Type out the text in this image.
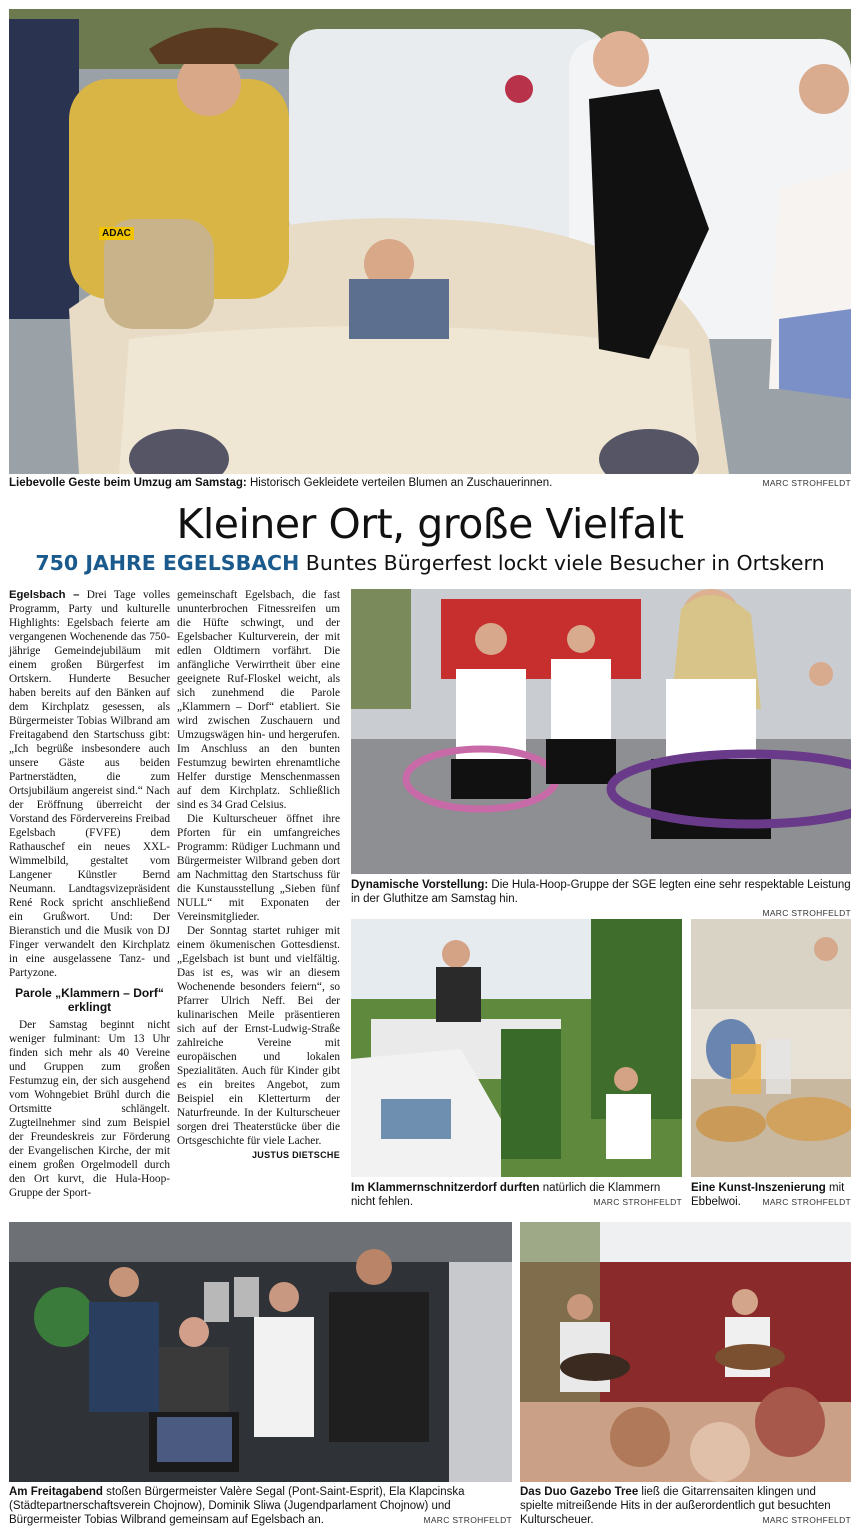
ADAC
Liebevolle Geste beim Umzug am Samstag: Historisch Gekleidete verteilen Blumen an Zuschauerinnen.	MARC STROHFELDT
Kleiner Ort, große Vielfalt
750 JAHRE EGELSBACH Buntes Bürgerfest lockt viele Besucher in Ortskern

Egelsbach – Drei Tage volles Programm, Party und kulturelle Highlights: Egelsbach feierte am vergangenen Wochenende das 750-jährige Gemeindejubiläum mit einem großen Bürgerfest im Ortskern. Hunderte Besucher haben bereits auf den Bänken auf dem Kirchplatz gesessen, als Bürgermeister Tobias Wilbrand am Freitagabend den Startschuss gibt: „Ich begrüße insbesondere auch unsere Gäste aus beiden Partnerstädten, die zum Ortsjubiläum angereist sind.“ Nach der Eröffnung überreicht der Vorstand des Fördervereins Freibad Egelsbach (FVFE) dem Rathauschef ein neues XXL-Wimmelbild, gestaltet vom Langener Künstler Bernd Neumann. Landtagsvizepräsident René Rock spricht anschließend ein Grußwort. Und: Der Bieranstich und die Musik von DJ Finger verwandelt den Kirchplatz in eine ausgelassene Tanz- und Partyzone.

Parole „Klammern – Dorf“ erklingt

Der Samstag beginnt nicht weniger fulminant: Um 13 Uhr finden sich mehr als 40 Vereine und Gruppen zum großen Festumzug ein, der sich ausgehend vom Wohngebiet Brühl durch die Ortsmitte schlängelt. Zugteilnehmer sind zum Beispiel der Freundeskreis zur Förderung der Evangelischen Kirche, der mit einem großen Orgelmodell durch den Ort kurvt, die Hula-Hoop-Gruppe der Sport-

gemeinschaft Egelsbach, die fast ununterbrochen Fitnessreifen um die Hüfte schwingt, und der Egelsbacher Kulturverein, der mit edlen Oldtimern vorfährt. Die anfängliche Verwirrtheit über eine geeignete Ruf-Floskel weicht, als sich zunehmend die Parole „Klammern – Dorf“ etabliert. Sie wird zwischen Zuschauern und Umzugswägen hin- und hergerufen. Im Anschluss an den bunten Festumzug bewirten ehrenamtliche Helfer durstige Menschenmassen auf dem Kirchplatz. Schließlich sind es 34 Grad Celsius.

Die Kulturscheuer öffnet ihre Pforten für ein umfangreiches Programm: Rüdiger Luchmann und Bürgermeister Wilbrand geben dort am Nachmittag den Startschuss für die Kunstausstellung „Sieben fünf NULL“ mit Exponaten der Vereinsmitglieder.

Der Sonntag startet ruhiger mit einem ökumenischen Gottesdienst. „Egelsbach ist bunt und vielfältig. Das ist es, was wir an diesem Wochenende besonders feiern“, so Pfarrer Ulrich Neff. Bei der kulinarischen Meile präsentieren sich auf der Ernst-Ludwig-Straße zahlreiche Vereine mit europäischen und lokalen Spezialitäten. Auch für Kinder gibt es ein breites Angebot, zum Beispiel ein Kletterturm der Naturfreunde. In der Kulturscheuer sorgen drei Theaterstücke über die Ortsgeschichte für viele Lacher.

JUSTUS DIETSCHE
Dynamische Vorstellung: Die Hula-Hoop-Gruppe der SGE legten eine sehr respektable Leistung in der Gluthitze am Samstag hin.
MARC STROHFELDT
Im Klammernschnitzerdorf durften natürlich die Klammern nicht fehlen.	MARC STROHFELDT
Eine Kunst-Inszenierung mit Ebbelwoi.	MARC STROHFELDT
Am Freitagabend stoßen Bürgermeister Valère Segal (Pont-Saint-Esprit), Ela Klapcinska (Städtepartnerschaftsverein Chojnow), Dominik Sliwa (Jugendparlament Chojnow) und Bürgermeister Tobias Wilbrand gemeinsam auf Egelsbach an.	MARC STROHFELDT
Das Duo Gazebo Tree ließ die Gitarrensaiten klingen und spielte mitreißende Hits in der außerordentlich gut besuchten Kulturscheuer.	MARC STROHFELDT
